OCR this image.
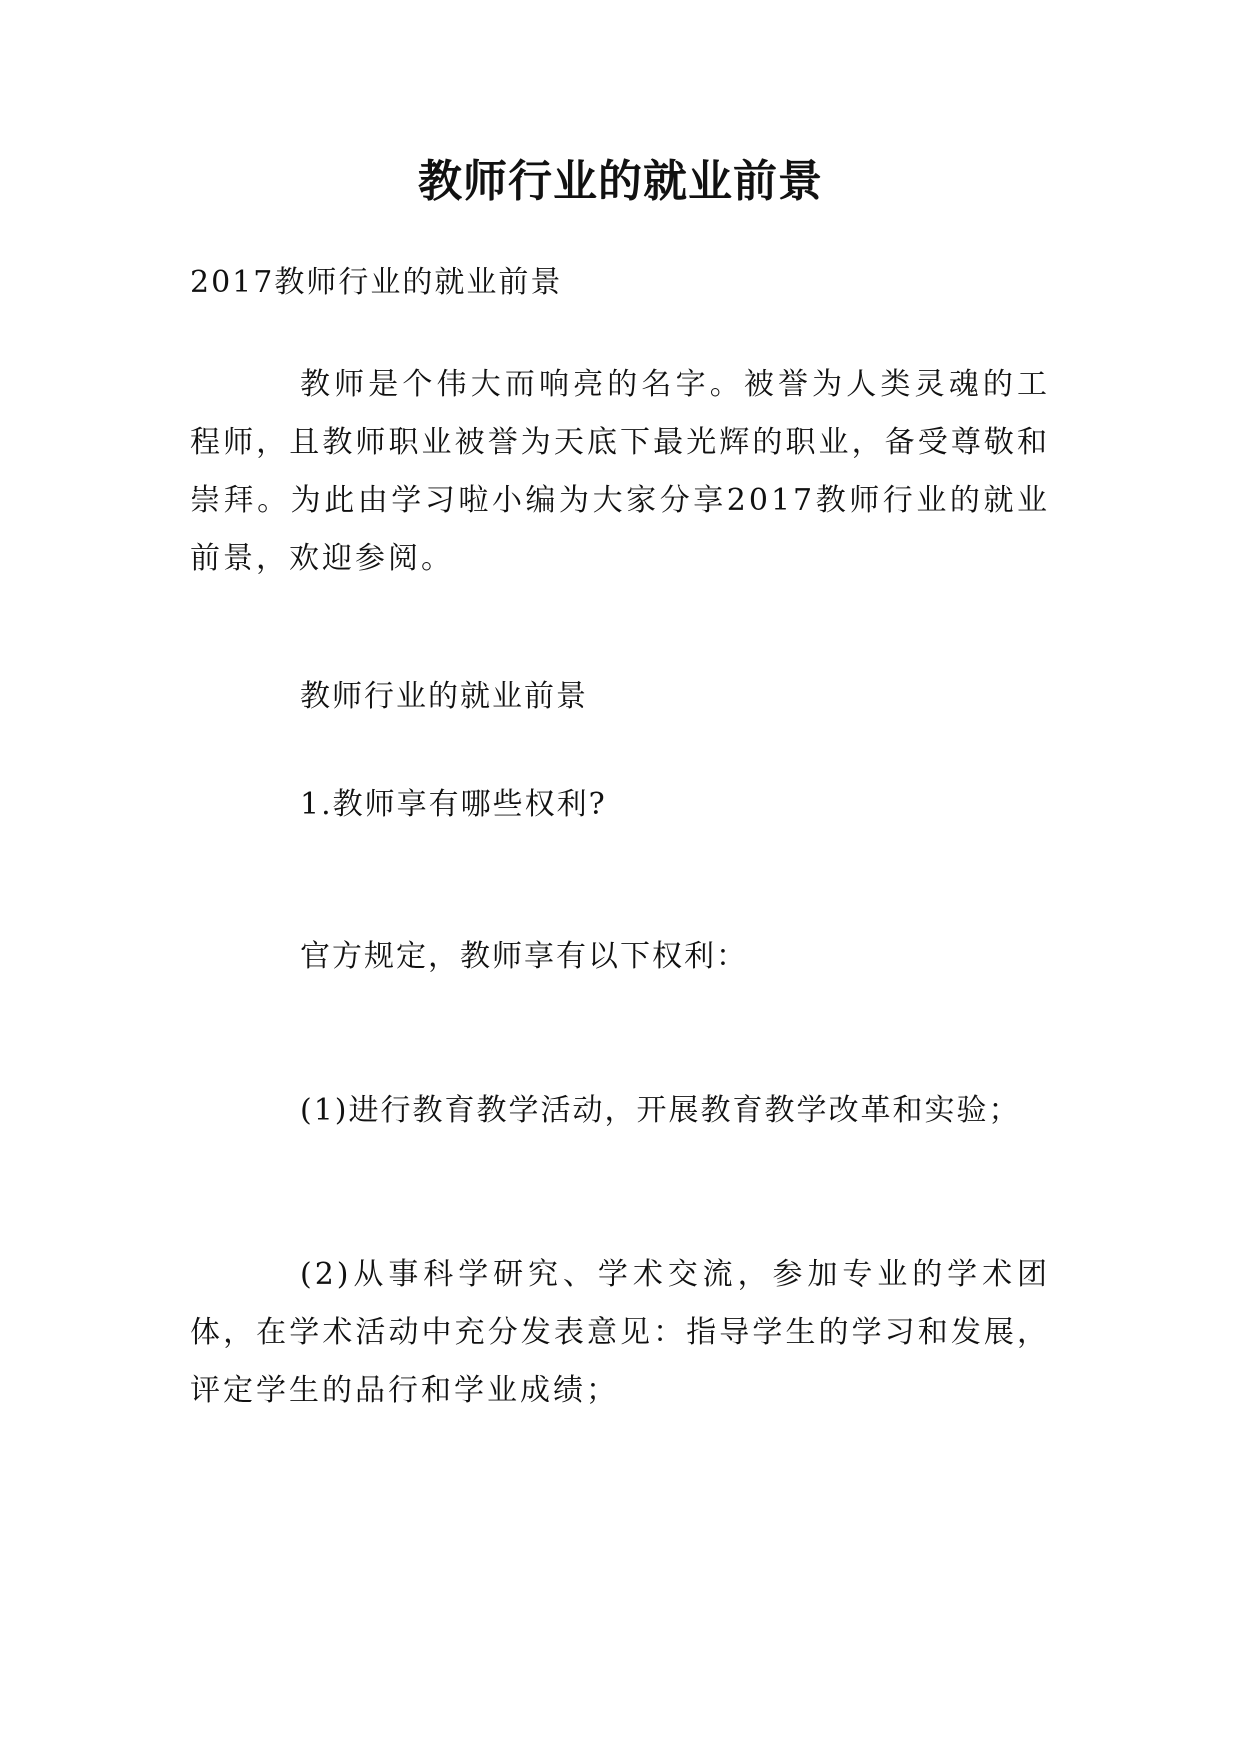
教师行业的就业前景
2017教师行业的就业前景
教师是个伟大而响亮的名字。被誉为人类灵魂的工程师，且教师职业被誉为天底下最光辉的职业，备受尊敬和崇拜。为此由学习啦小编为大家分享2017教师行业的就业前景，欢迎参阅。
教师行业的就业前景
1.教师享有哪些权利?
官方规定，教师享有以下权利：
(1)进行教育教学活动，开展教育教学改革和实验；
(2)从事科学研究、学术交流，参加专业的学术团体，在学术活动中充分发表意见：指导学生的学习和发展，评定学生的品行和学业成绩；
